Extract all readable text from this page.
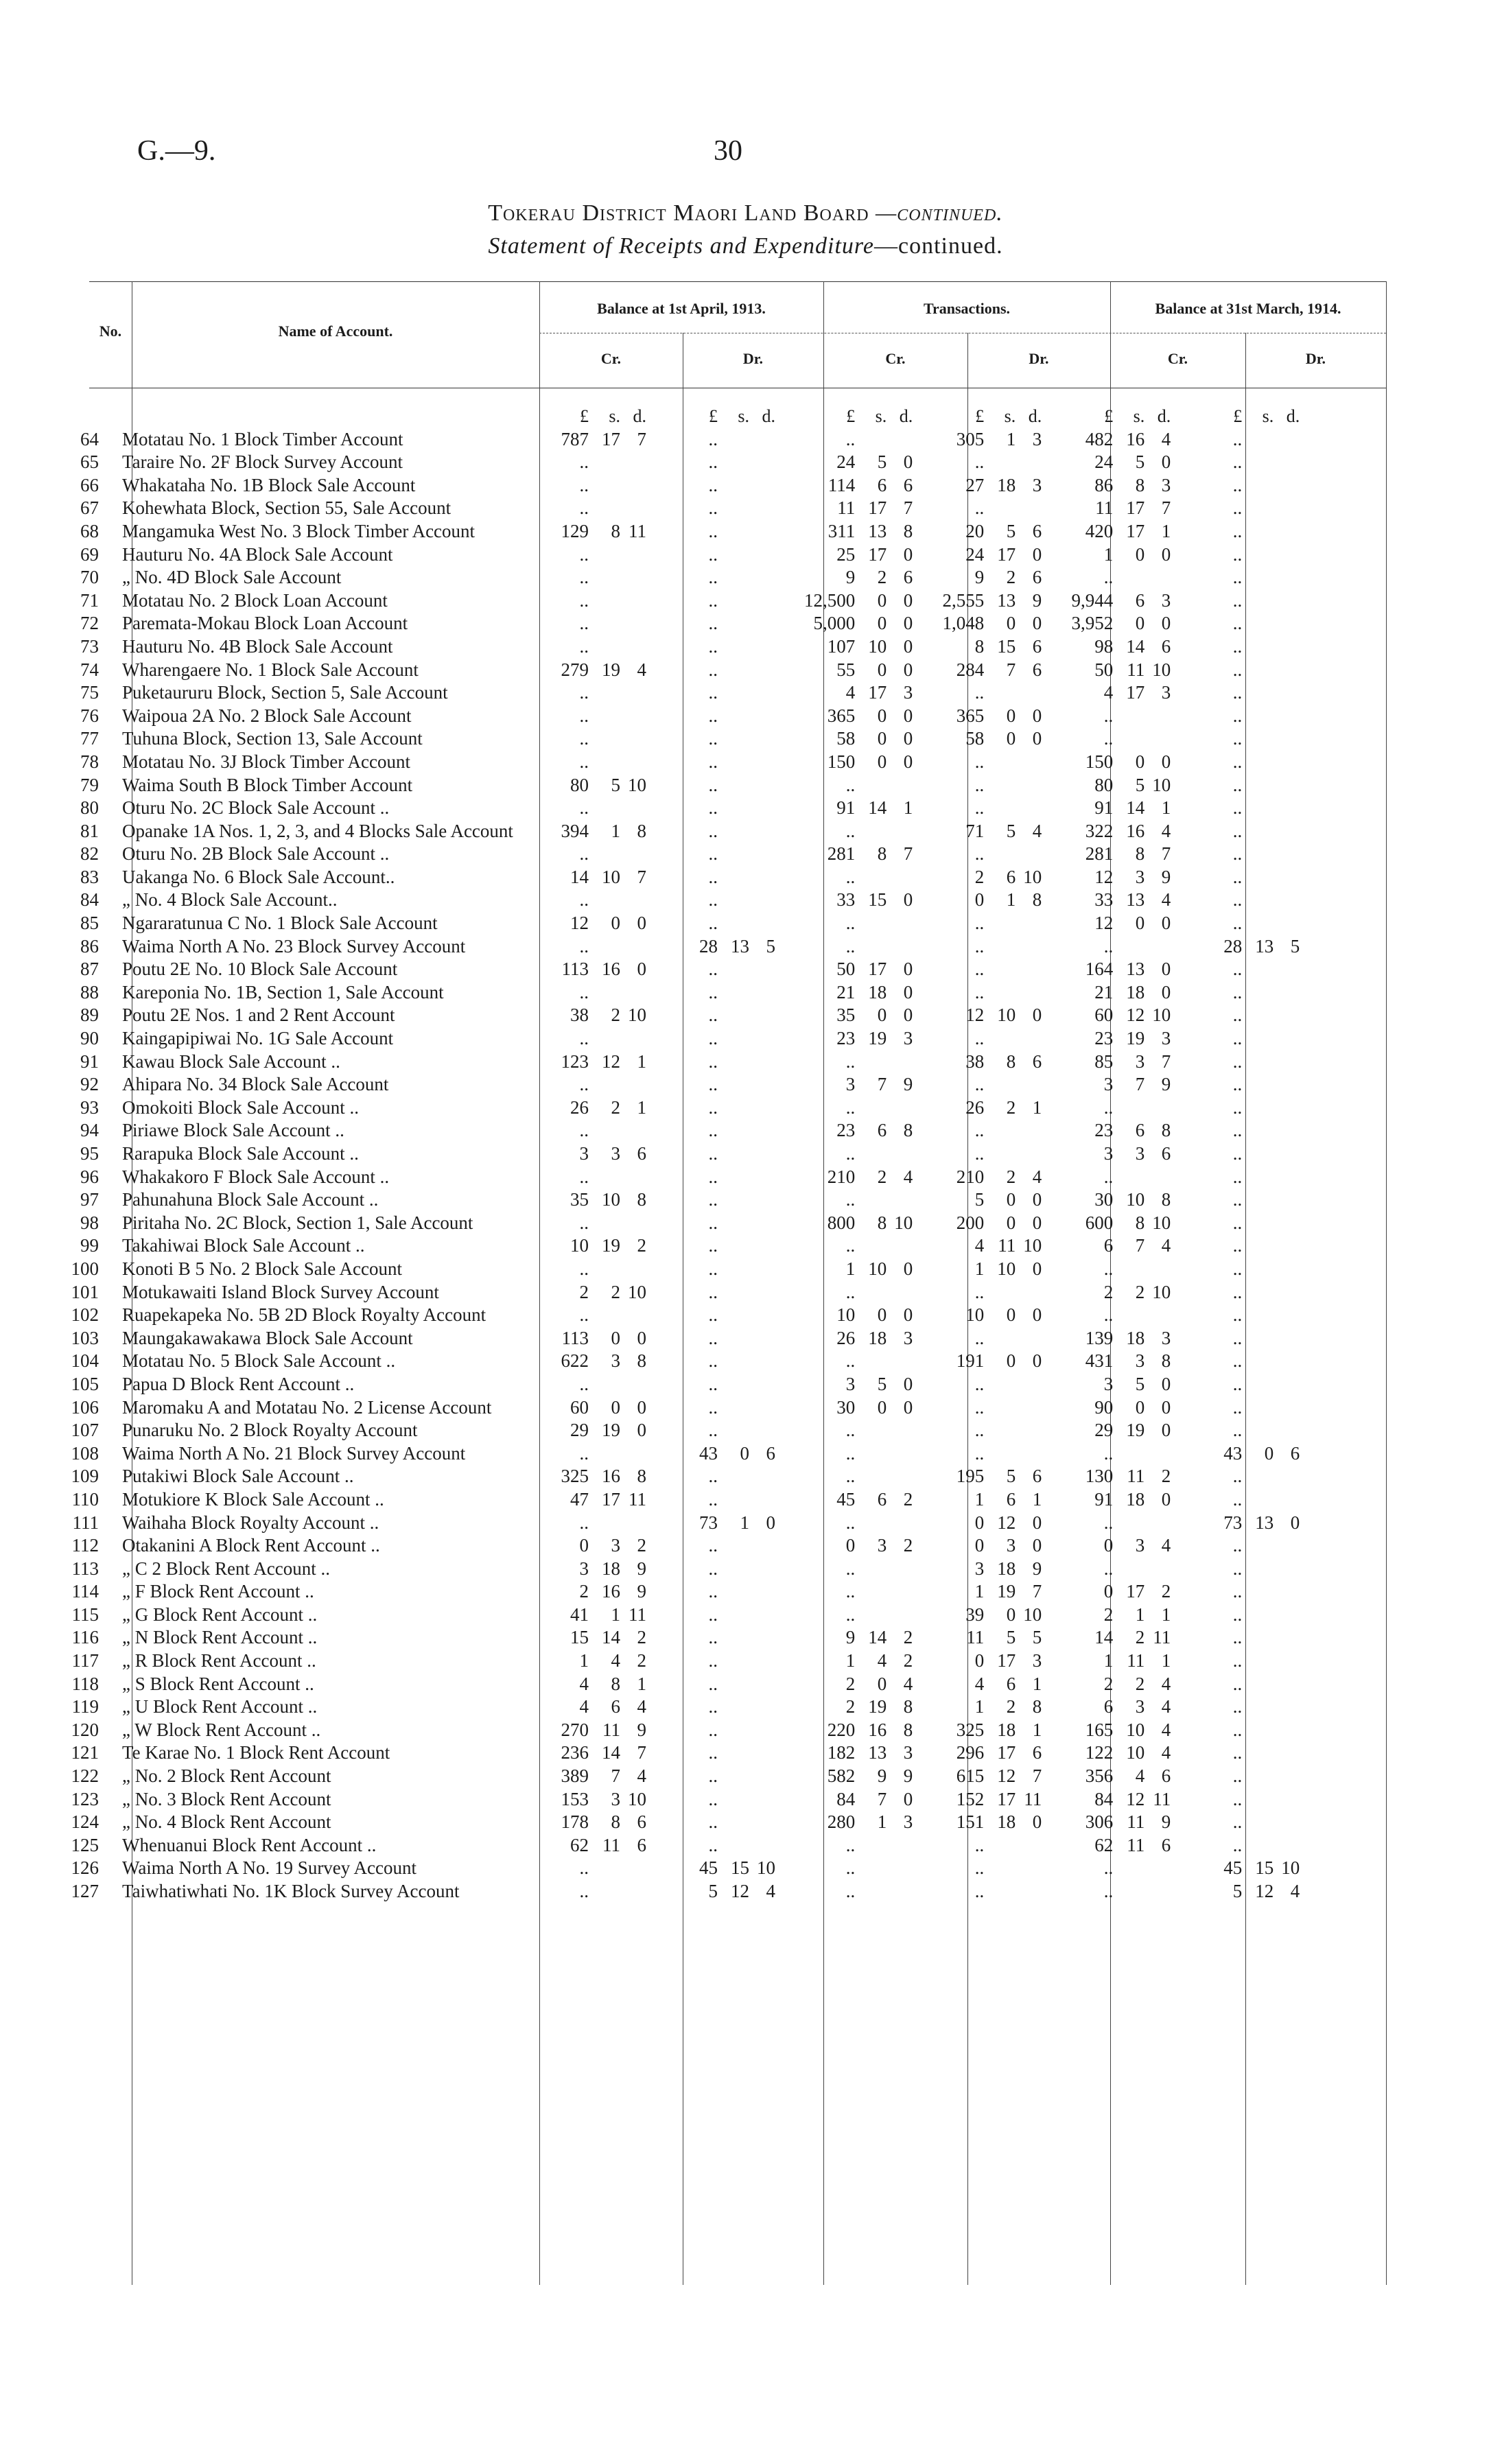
G.—9.	30
Tokerau District Maori Land Board —continued.
Statement of Receipts and Expenditure—continued.
No.	Name of Account.
Balance at 1st April, 1913.	Transactions.	Balance at 31st March, 1914.
Cr.	Dr.	Cr.	Dr.	Cr.	Dr.
			£	s.	d.		£	s.	d.		£	s.	d.		£	s.	d.		£	s.	d.		£	s.	d.
64	Motatau No. 1 Block Timber Account		787	17	7		..				..				305	1	3		482	16	4		..		
65	Taraire No. 2F Block Survey Account		..				..				24	5	0		..				24	5	0		..		
66	Whakataha No. 1B Block Sale Account		..				..				114	6	6		27	18	3		86	8	3		..		
67	Kohewhata Block, Section 55, Sale Account		..				..				11	17	7		..				11	17	7		..		
68	Mangamuka West No. 3 Block Timber Account		129	8	11		..				311	13	8		20	5	6		420	17	1		..		
69	Hauturu No. 4A Block Sale Account		..				..				25	17	0		24	17	0		1	0	0		..		
70	„ No. 4D Block Sale Account		..				..				9	2	6		9	2	6		..				..		
71	Motatau No. 2 Block Loan Account		..				..				12,500	0	0		2,555	13	9		9,944	6	3		..		
72	Paremata-Mokau Block Loan Account		..				..				5,000	0	0		1,048	0	0		3,952	0	0		..		
73	Hauturu No. 4B Block Sale Account		..				..				107	10	0		8	15	6		98	14	6		..		
74	Wharengaere No. 1 Block Sale Account		279	19	4		..				55	0	0		284	7	6		50	11	10		..		
75	Puketaururu Block, Section 5, Sale Account		..				..				4	17	3		..				4	17	3		..		
76	Waipoua 2A No. 2 Block Sale Account		..				..				365	0	0		365	0	0		..				..		
77	Tuhuna Block, Section 13, Sale Account		..				..				58	0	0		58	0	0		..				..		
78	Motatau No. 3J Block Timber Account		..				..				150	0	0		..				150	0	0		..		
79	Waima South B Block Timber Account		80	5	10		..				..				..				80	5	10		..		
80	Oturu No. 2C Block Sale Account ..		..				..				91	14	1		..				91	14	1		..		
81	Opanake 1A Nos. 1, 2, 3, and 4 Blocks Sale Account		394	1	8		..				..				71	5	4		322	16	4		..		
82	Oturu No. 2B Block Sale Account ..		..				..				281	8	7		..				281	8	7		..		
83	Uakanga No. 6 Block Sale Account..		14	10	7		..				..				2	6	10		12	3	9		..		
84	„ No. 4 Block Sale Account..		..				..				33	15	0		0	1	8		33	13	4		..		
85	Ngararatunua C No. 1 Block Sale Account		12	0	0		..				..				..				12	0	0		..		
86	Waima North A No. 23 Block Survey Account		..				28	13	5		..				..				..				28	13	5
87	Poutu 2E No. 10 Block Sale Account		113	16	0		..				50	17	0		..				164	13	0		..		
88	Kareponia No. 1B, Section 1, Sale Account		..				..				21	18	0		..				21	18	0		..		
89	Poutu 2E Nos. 1 and 2 Rent Account		38	2	10		..				35	0	0		12	10	0		60	12	10		..		
90	Kaingapipiwai No. 1G Sale Account		..				..				23	19	3		..				23	19	3		..		
91	Kawau Block Sale Account ..		123	12	1		..				..				38	8	6		85	3	7		..		
92	Ahipara No. 34 Block Sale Account		..				..				3	7	9		..				3	7	9		..		
93	Omokoiti Block Sale Account ..		26	2	1		..				..				26	2	1		..				..		
94	Piriawe Block Sale Account ..		..				..				23	6	8		..				23	6	8		..		
95	Rarapuka Block Sale Account ..		3	3	6		..				..				..				3	3	6		..		
96	Whakakoro F Block Sale Account ..		..				..				210	2	4		210	2	4		..				..		
97	Pahunahuna Block Sale Account ..		35	10	8		..				..				5	0	0		30	10	8		..		
98	Piritaha No. 2C Block, Section 1, Sale Account		..				..				800	8	10		200	0	0		600	8	10		..		
99	Takahiwai Block Sale Account ..		10	19	2		..				..				4	11	10		6	7	4		..		
100	Konoti B 5 No. 2 Block Sale Account		..				..				1	10	0		1	10	0		..				..		
101	Motukawaiti Island Block Survey Account		2	2	10		..				..				..				2	2	10		..		
102	Ruapekapeka No. 5B 2D Block Royalty Account		..				..				10	0	0		10	0	0		..				..		
103	Maungakawakawa Block Sale Account		113	0	0		..				26	18	3		..				139	18	3		..		
104	Motatau No. 5 Block Sale Account ..		622	3	8		..				..				191	0	0		431	3	8		..		
105	Papua D Block Rent Account ..		..				..				3	5	0		..				3	5	0		..		
106	Maromaku A and Motatau No. 2 License Account		60	0	0		..				30	0	0		..				90	0	0		..		
107	Punaruku No. 2 Block Royalty Account		29	19	0		..				..				..				29	19	0		..		
108	Waima North A No. 21 Block Survey Account		..				43	0	6		..				..				..				43	0	6
109	Putakiwi Block Sale Account ..		325	16	8		..				..				195	5	6		130	11	2		..		
110	Motukiore K Block Sale Account ..		47	17	11		..				45	6	2		1	6	1		91	18	0		..		
111	Waihaha Block Royalty Account ..		..				73	1	0		..				0	12	0		..				73	13	0
112	Otakanini A Block Rent Account ..		0	3	2		..				0	3	2		0	3	0		0	3	4		..		
113	„ C 2 Block Rent Account ..		3	18	9		..				..				3	18	9		..				..		
114	„ F Block Rent Account ..		2	16	9		..				..				1	19	7		0	17	2		..		
115	„ G Block Rent Account ..		41	1	11		..				..				39	0	10		2	1	1		..		
116	„ N Block Rent Account ..		15	14	2		..				9	14	2		11	5	5		14	2	11		..		
117	„ R Block Rent Account ..		1	4	2		..				1	4	2		0	17	3		1	11	1		..		
118	„ S Block Rent Account ..		4	8	1		..				2	0	4		4	6	1		2	2	4		..		
119	„ U Block Rent Account ..		4	6	4		..				2	19	8		1	2	8		6	3	4		..		
120	„ W Block Rent Account ..		270	11	9		..				220	16	8		325	18	1		165	10	4		..		
121	Te Karae No. 1 Block Rent Account		236	14	7		..				182	13	3		296	17	6		122	10	4		..		
122	„ No. 2 Block Rent Account		389	7	4		..				582	9	9		615	12	7		356	4	6		..		
123	„ No. 3 Block Rent Account		153	3	10		..				84	7	0		152	17	11		84	12	11		..		
124	„ No. 4 Block Rent Account		178	8	6		..				280	1	3		151	18	0		306	11	9		..		
125	Whenuanui Block Rent Account ..		62	11	6		..				..				..				62	11	6		..		
126	Waima North A No. 19 Survey Account		..				45	15	10		..				..				..				45	15	10
127	Taiwhatiwhati No. 1K Block Survey Account		..				5	12	4		..				..				..				5	12	4
